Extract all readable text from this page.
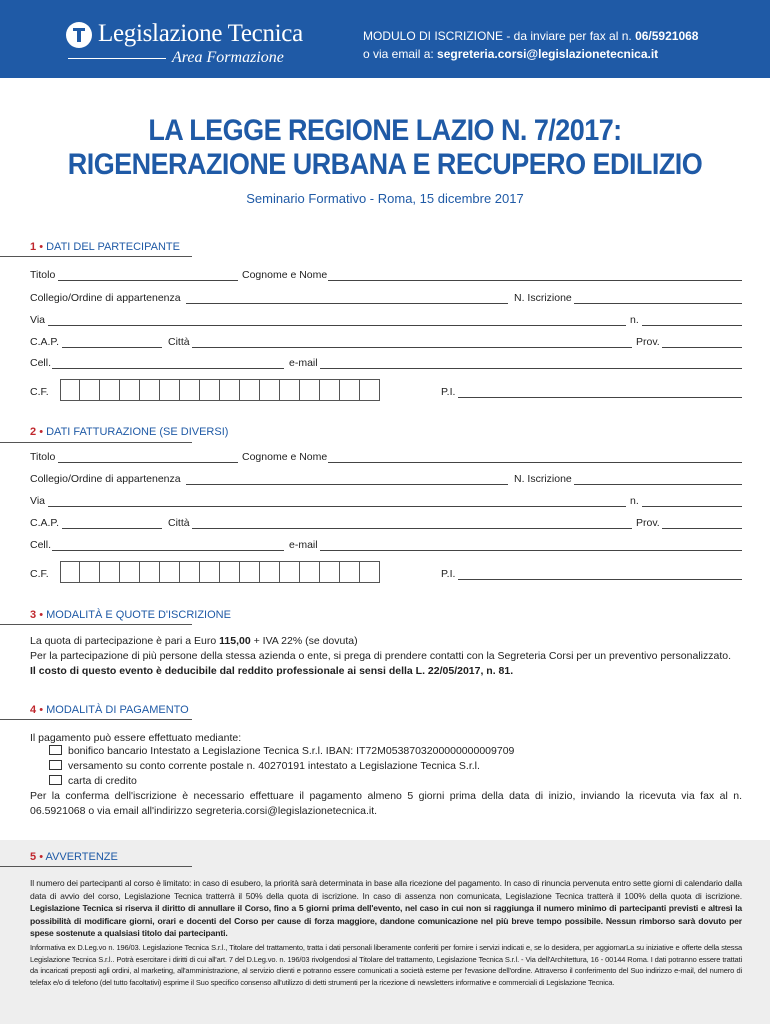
Legislazione Tecnica
Area Formazione
MODULO DI ISCRIZIONE - da inviare per fax al n. 06/5921068
o via email a: segreteria.corsi@legislazionetecnica.it
LA LEGGE REGIONE LAZIO N. 7/2017:
RIGENERAZIONE URBANA E RECUPERO EDILIZIO
Seminario Formativo - Roma, 15 dicembre 2017
1 • DATI DEL PARTECIPANTE
Titolo	Cognome e Nome
Collegio/Ordine di appartenenza	N. Iscrizione
Via	n.
C.A.P.	Città	Prov.
Cell.	e-mail
C.F.	P.I.
2 • DATI FATTURAZIONE (SE DIVERSI)
Titolo	Cognome e Nome
Collegio/Ordine di appartenenza	N. Iscrizione
Via	n.
C.A.P.	Città	Prov.
Cell.	e-mail
C.F.	P.I.
3 • MODALITÀ E QUOTE D'ISCRIZIONE
La quota di partecipazione è pari a Euro 115,00 + IVA 22% (se dovuta)
Per la partecipazione di più persone della stessa azienda o ente, si prega di prendere contatti con la Segreteria Corsi per un preventivo personalizzato.
Il costo di questo evento è deducibile dal reddito professionale ai sensi della L. 22/05/2017, n. 81.
4 • MODALITÀ DI PAGAMENTO
Il pagamento può essere effettuato mediante:
bonifico bancario Intestato a Legislazione Tecnica S.r.l. IBAN: IT72M0538703200000000009709
versamento su conto corrente postale n. 40270191 intestato a Legislazione Tecnica S.r.l.
carta di credito
Per la conferma dell'iscrizione è necessario effettuare il pagamento almeno 5 giorni prima della data di inizio, inviando la ricevuta via fax al n. 06.5921068 o via email all'indirizzo segreteria.corsi@legislazionetecnica.it.
5 • AVVERTENZE
Il numero dei partecipanti al corso è limitato: in caso di esubero, la priorità sarà determinata in base alla ricezione del pagamento. In caso di rinuncia pervenuta entro sette giorni di calendario dalla data di avvio del corso, Legislazione Tecnica tratterrà il 50% della quota di iscrizione. In caso di assenza non comunicata, Legislazione Tecnica tratterà il 100% della quota di iscrizione. Legislazione Tecnica si riserva il diritto di annullare il Corso, fino a 5 giorni prima dell'evento, nel caso in cui non si raggiunga il numero minimo di partecipanti previsti e altresì la possibilità di modificare giorni, orari e docenti del Corso per cause di forza maggiore, dandone comunicazione nel più breve tempo possibile. Nessun rimborso sarà dovuto per spese sostenute a qualsiasi titolo dai partecipanti.
Informativa ex D.Leg.vo n. 196/03. Legislazione Tecnica S.r.l., Titolare del trattamento, tratta i dati personali liberamente conferiti per fornire i servizi indicati e, se lo desidera, per aggiornarLa su iniziative e offerte della stessa Legislazione Tecnica S.r.l.. Potrà esercitare i diritti di cui all'art. 7 del D.Leg.vo. n. 196/03 rivolgendosi al Titolare del trattamento, Legislazione Tecnica S.r.l. - Via dell'Architettura, 16 - 00144 Roma. I dati potranno essere trattati da incaricati preposti agli ordini, al marketing, all'amministrazione, al servizio clienti e potranno essere comunicati a società esterne per l'evasione dell'ordine. Attraverso il conferimento del Suo indirizzo e-mail, del numero di telefax e/o di telefono (del tutto facoltativi) esprime il Suo specifico consenso all'utilizzo di detti strumenti per la ricezione di newsletters informative e commerciali di Legislazione Tecnica.
